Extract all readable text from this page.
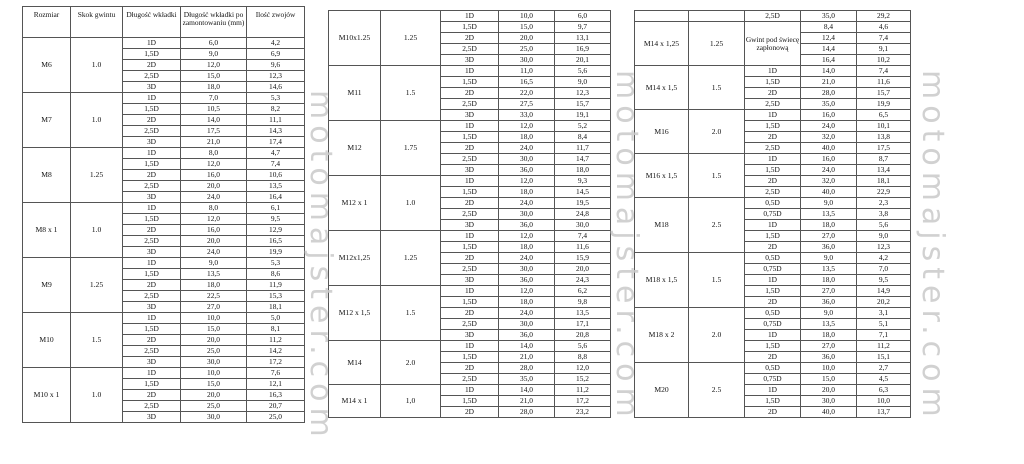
Rozmiar	Skok gwintu	Długość wkładki	Długość wkładki po zamontowaniu (mm)	Ilość zwojów
M6	1.0	1D	6,0	4,2
		1,5D	9,0	6,9
		2D	12,0	9,6
		2,5D	15,0	12,3
		3D	18,0	14,6
M7	1.0	1D	7,0	5,3
		1,5D	10,5	8,2
		2D	14,0	11,1
		2,5D	17,5	14,3
		3D	21,0	17,4
M8	1.25	1D	8,0	4,7
		1,5D	12,0	7,4
		2D	16,0	10,6
		2,5D	20,0	13,5
		3D	24,0	16,4
M8 x 1	1.0	1D	8,0	6,1
		1,5D	12,0	9,5
		2D	16,0	12,9
		2,5D	20,0	16,5
		3D	24,0	19,9
M9	1.25	1D	9,0	5,3
		1,5D	13,5	8,6
		2D	18,0	11,9
		2,5D	22,5	15,3
		3D	27,0	18,1
M10	1.5	1D	10,0	5,0
		1,5D	15,0	8,1
		2D	20,0	11,2
		2,5D	25,0	14,2
		3D	30,0	17,2
M10 x 1	1.0	1D	10,0	7,6
		1,5D	15,0	12,1
		2D	20,0	16,3
		2,5D	25,0	20,7
		3D	30,0	25,0
M10x1.25	1.25	1D	10,0	6,0
		1,5D	15,0	9,7
		2D	20,0	13,1
		2,5D	25,0	16,9
		3D	30,0	20,1
M11	1.5	1D	11,0	5,6
		1,5D	16,5	9,0
		2D	22,0	12,3
		2,5D	27,5	15,7
		3D	33,0	19,1
M12	1.75	1D	12,0	5,2
		1,5D	18,0	8,4
		2D	24,0	11,7
		2,5D	30,0	14,7
		3D	36,0	18,0
M12 x 1	1.0	1D	12,0	9,3
		1,5D	18,0	14,5
		2D	24,0	19,5
		2,5D	30,0	24,8
		3D	36,0	30,0
M12x1,25	1.25	1D	12,0	7,4
		1,5D	18,0	11,6
		2D	24,0	15,9
		2,5D	30,0	20,0
		3D	36,0	24,3
M12 x 1,5	1.5	1D	12,0	6,2
		1,5D	18,0	9,8
		2D	24,0	13,5
		2,5D	30,0	17,1
		3D	36,0	20,8
M14	2.0	1D	14,0	5,6
		1,5D	21,0	8,8
		2D	28,0	12,0
		2,5D	35,0	15,2
M14 x 1	1,0	1D	14,0	11,2
		1,5D	21,0	17,2
		2D	28,0	23,2
		2,5D	35,0	29,2
M14 x 1,25	1.25	Gwint pod świecę zapłonową	8,4	4,6
			12,4	7,4
			14,4	9,1
			16,4	10,2
M14 x 1,5	1.5	1D	14,0	7,4
		1,5D	21,0	11,6
		2D	28,0	15,7
		2,5D	35,0	19,9
M16	2.0	1D	16,0	6,5
		1,5D	24,0	10,1
		2D	32,0	13,8
		2,5D	40,0	17,5
M16 x 1,5	1.5	1D	16,0	8,7
		1,5D	24,0	13,4
		2D	32,0	18,1
		2,5D	40,0	22,9
M18	2.5	0,5D	9,0	2,3
		0,75D	13,5	3,8
		1D	18,0	5,6
		1,5D	27,0	9,0
		2D	36,0	12,3
M18 x 1,5	1.5	0,5D	9,0	4,2
		0,75D	13,5	7,0
		1D	18,0	9,5
		1,5D	27,0	14,9
		2D	36,0	20,2
M18 x 2	2.0	0,5D	9,0	3,1
		0,75D	13,5	5,1
		1D	18,0	7,1
		1,5D	27,0	11,2
		2D	36,0	15,1
M20	2.5	0,5D	10,0	2,7
		0,75D	15,0	4,5
		1D	20,0	6,3
		1,5D	30,0	10,0
		2D	40,0	13,7
motomajster.com	motomajster.com	motomajster.com
